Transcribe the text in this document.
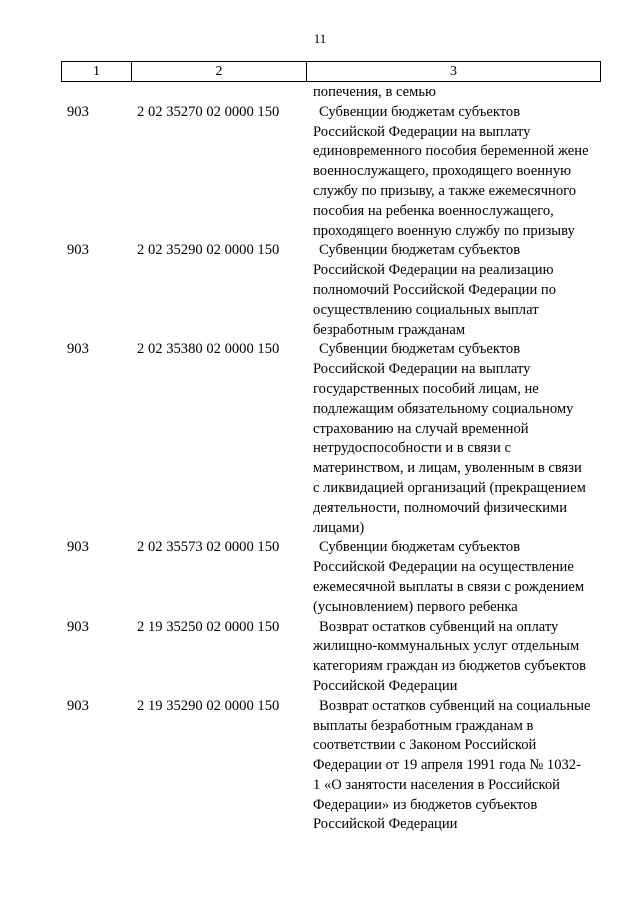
11
1	2	3
попечения, в семью
903	2 02 35270 02 0000 150	Субвенции бюджетам субъектов
Российской Федерации на выплату
единовременного пособия беременной жене
военнослужащего, проходящего военную
службу по призыву, а также ежемесячного
пособия на ребенка военнослужащего,
проходящего военную службу по призыву
903	2 02 35290 02 0000 150	Субвенции бюджетам субъектов
Российской Федерации на реализацию
полномочий Российской Федерации по
осуществлению социальных выплат
безработным гражданам
903	2 02 35380 02 0000 150	Субвенции бюджетам субъектов
Российской Федерации на выплату
государственных пособий лицам, не
подлежащим обязательному социальному
страхованию на случай временной
нетрудоспособности и в связи с
материнством, и лицам, уволенным в связи
с ликвидацией организаций (прекращением
деятельности, полномочий физическими
лицами)
903	2 02 35573 02 0000 150	Субвенции бюджетам субъектов
Российской Федерации на осуществление
ежемесячной выплаты в связи с рождением
(усыновлением) первого ребенка
903	2 19 35250 02 0000 150	Возврат остатков субвенций на оплату
жилищно-коммунальных услуг отдельным
категориям граждан из бюджетов субъектов
Российской Федерации
903	2 19 35290 02 0000 150	Возврат остатков субвенций на социальные
выплаты безработным гражданам в
соответствии с Законом Российской
Федерации от 19 апреля 1991 года № 1032-
1 «О занятости населения в Российской
Федерации» из бюджетов субъектов
Российской Федерации
